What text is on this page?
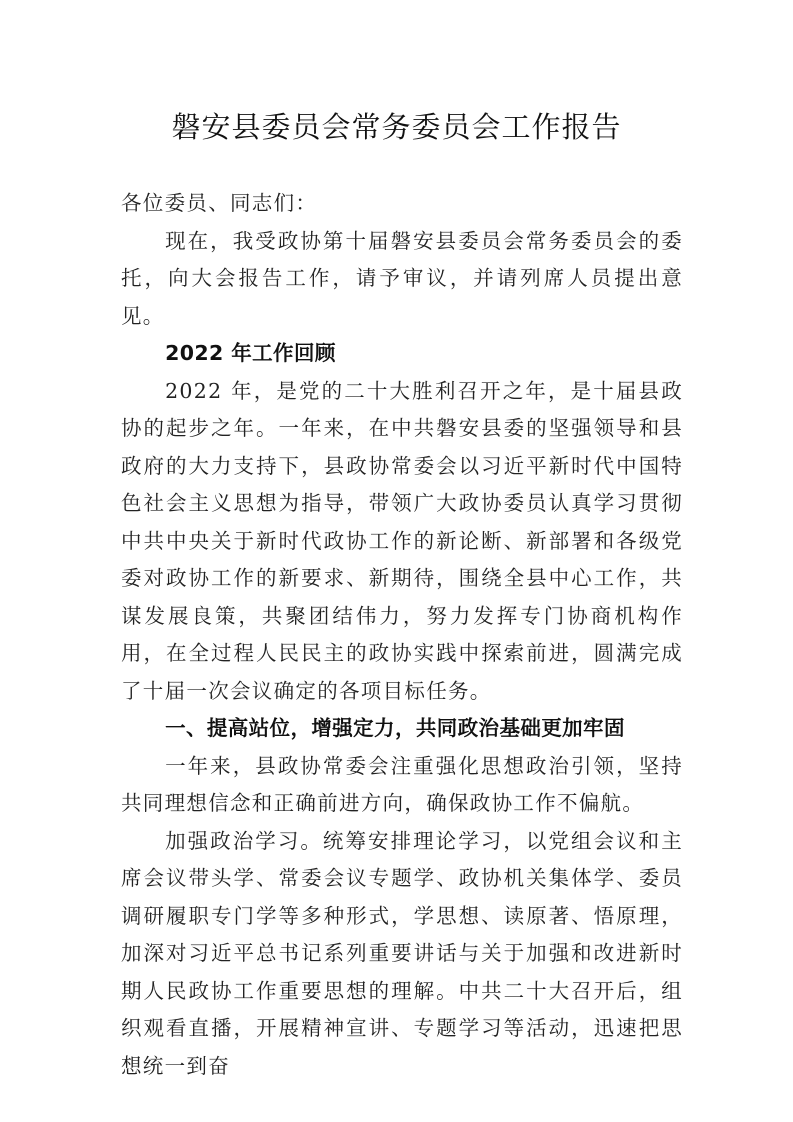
磐安县委员会常务委员会工作报告

各位委员、同志们：

现在，我受政协第十届磐安县委员会常务委员会的委托，向大会报告工作，请予审议，并请列席人员提出意见。

2022 年工作回顾

2022 年，是党的二十大胜利召开之年，是十届县政协的起步之年。一年来，在中共磐安县委的坚强领导和县政府的大力支持下，县政协常委会以习近平新时代中国特色社会主义思想为指导，带领广大政协委员认真学习贯彻中共中央关于新时代政协工作的新论断、新部署和各级党委对政协工作的新要求、新期待，围绕全县中心工作，共谋发展良策，共聚团结伟力，努力发挥专门协商机构作用，在全过程人民民主的政协实践中探索前进，圆满完成了十届一次会议确定的各项目标任务。

一、提高站位，增强定力，共同政治基础更加牢固

一年来，县政协常委会注重强化思想政治引领，坚持共同理想信念和正确前进方向，确保政协工作不偏航。

加强政治学习。统筹安排理论学习，以党组会议和主席会议带头学、常委会议专题学、政协机关集体学、委员调研履职专门学等多种形式，学思想、读原著、悟原理，加深对习近平总书记系列重要讲话与关于加强和改进新时期人民政协工作重要思想的理解。中共二十大召开后，组织观看直播，开展精神宣讲、专题学习等活动，迅速把思想统一到奋
